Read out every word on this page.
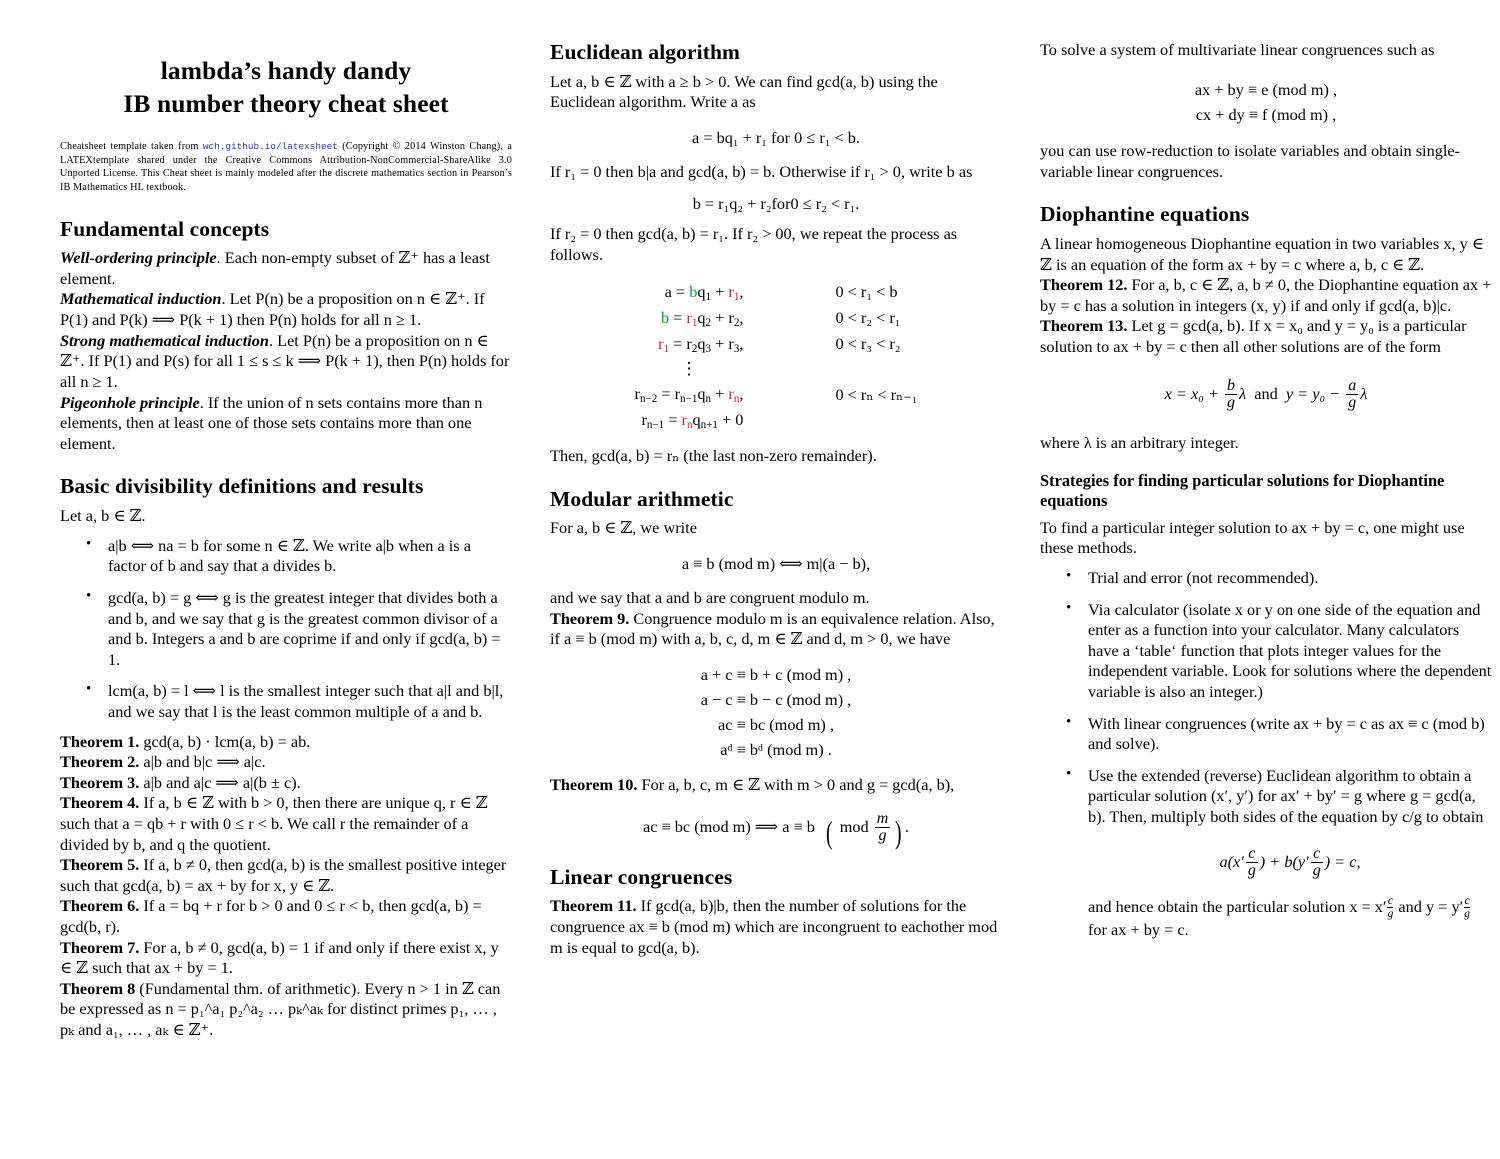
lambda’s handy dandy
IB number theory cheat sheet

Cheatsheet template taken from wch.github.io/latexsheet (Copyright © 2014 Winston Chang), a LATEXtemplate shared under the Creative Commons Attribution-NonCommercial-ShareAlike 3.0 Unported License. This Cheat sheet is mainly modeled after the discrete mathematics section in Pearson’s IB Mathematics HL textbook.

Fundamental concepts

Well-ordering principle. Each non-empty subset of ℤ⁺ has a least element.

Mathematical induction. Let P(n) be a proposition on n ∈ ℤ⁺. If P(1) and P(k) ⟹ P(k + 1) then P(n) holds for all n ≥ 1.

Strong mathematical induction. Let P(n) be a proposition on n ∈ ℤ⁺. If P(1) and P(s) for all 1 ≤ s ≤ k ⟹ P(k + 1), then P(n) holds for all n ≥ 1.

Pigeonhole principle. If the union of n sets contains more than n elements, then at least one of those sets contains more than one element.

Basic divisibility definitions and results

Let a, b ∈ ℤ.

• a|b ⟺ na = b for some n ∈ ℤ. We write a|b when a is a factor of b and say that a divides b.
• gcd(a, b) = g ⟺ g is the greatest integer that divides both a and b, and we say that g is the greatest common divisor of a and b. Integers a and b are coprime if and only if gcd(a, b) = 1.
• lcm(a, b) = l ⟺ l is the smallest integer such that a|l and b|l, and we say that l is the least common multiple of a and b.

Theorem 1. gcd(a, b) · lcm(a, b) = ab.

Theorem 2. a|b and b|c ⟹ a|c.

Theorem 3. a|b and a|c ⟹ a|(b ± c).

Theorem 4. If a, b ∈ ℤ with b > 0, then there are unique q, r ∈ ℤ such that a = qb + r with 0 ≤ r < b. We call r the remainder of a divided by b, and q the quotient.

Theorem 5. If a, b ≠ 0, then gcd(a, b) is the smallest positive integer such that gcd(a, b) = ax + by for x, y ∈ ℤ.

Theorem 6. If a = bq + r for b > 0 and 0 ≤ r < b, then gcd(a, b) = gcd(b, r).

Theorem 7. For a, b ≠ 0, gcd(a, b) = 1 if and only if there exist x, y ∈ ℤ such that ax + by = 1.

Theorem 8 (Fundamental thm. of arithmetic). Every n > 1 in ℤ can be expressed as n = p₁^a₁ p₂^a₂ … pₖ^aₖ for distinct primes p₁, … , pₖ and a₁, … , aₖ ∈ ℤ⁺.

Euclidean algorithm

Let a, b ∈ ℤ with a ≥ b > 0. We can find gcd(a, b) using the Euclidean algorithm. Write a as

a = bq₁ + r₁ for 0 ≤ r₁ < b.

If r₁ = 0 then b|a and gcd(a, b) = b. Otherwise if r₁ > 0, write b as

b = r₁q₂ + r₂for0 ≤ r₂ < r₁.

If r₂ = 0 then gcd(a, b) = r₁. If r₂ > 00, we repeat the process as follows.

$a = bq_1 + r_1$,		0 < r₁ < b
$b = r_1q_2 + r_2$,		0 < r₂ < r₁
$r_1 = r_2q_3 + r_3$,		0 < r₃ < r₂

⋮		

$r_{n-2} = r_{n-1}q_n + r_n$,		0 < rₙ < rₙ₋₁
$r_{n-1} = r_nq_{n+1} + 0$		

Then, gcd(a, b) = rₙ (the last non-zero remainder).

Modular arithmetic

For a, b ∈ ℤ, we write

a ≡ b (mod m) ⟺ m|(a − b),

and we say that a and b are congruent modulo m.

Theorem 9. Congruence modulo m is an equivalence relation. Also, if a ≡ b (mod m) with a, b, c, d, m ∈ ℤ and d, m > 0, we have

a + c ≡ b + c (mod m) ,
a − c ≡ b − c (mod m) ,
ac ≡ bc (mod m) ,
aᵈ ≡ bᵈ (mod m) .

Theorem 10. For a, b, c, m ∈ ℤ with m > 0 and g = gcd(a, b),

ac ≡ bc (mod m) ⟹ a ≡ b ( mod $\frac{m}{g}$ ) .
Linear congruences

Theorem 11. If gcd(a, b)|b, then the number of solutions for the congruence ax ≡ b (mod m) which are incongruent to eachother mod m is equal to gcd(a, b).

To solve a system of multivariate linear congruences such as

ax + by ≡ e (mod m) ,
cx + dy ≡ f (mod m) ,

you can use row-reduction to isolate variables and obtain single-variable linear congruences.

Diophantine equations

A linear homogeneous Diophantine equation in two variables x, y ∈ ℤ is an equation of the form ax + by = c where a, b, c ∈ ℤ.

Theorem 12. For a, b, c ∈ ℤ, a, b ≠ 0, the Diophantine equation ax + by = c has a solution in integers (x, y) if and only if gcd(a, b)|c.

Theorem 13. Let g = gcd(a, b). If x = x₀ and y = y₀ is a particular solution to ax + by = c then all other solutions are of the form

$x = x_0 + \frac{b}{g}$ λ and $y = y_0 - \frac{a}{g}$ λ

where λ is an arbitrary integer.

Strategies for finding particular solutions for Diophantine equations

To find a particular integer solution to ax + by = c, one might use these methods.

• Trial and error (not recommended).
• Via calculator (isolate x or y on one side of the equation and enter as a function into your calculator. Many calculators have a ‘table‘ function that plots integer values for the independent variable. Look for solutions where the dependent variable is also an integer.)
• With linear congruences (write ax + by = c as ax ≡ c (mod b) and solve).
• Use the extended (reverse) Euclidean algorithm to obtain a particular solution (x′, y′) for ax′ + by′ = g where g = gcd(a, b). Then, multiply both sides of the equation by c/g to obtain
$a(x' \frac{c}{g}$ ) + $b(y' \frac{c}{g}$ ) = c,
and hence obtain the particular solution $x = x' \frac{c}{g}$ and $y = y' \frac{c}{g}$
for ax + by = c.
